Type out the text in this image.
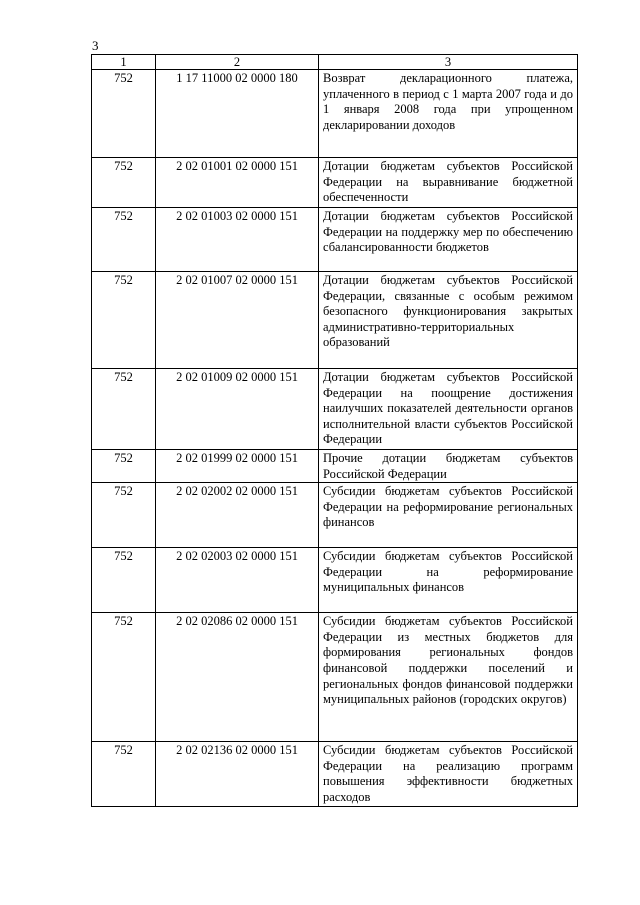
3
1	2	3
752	1 17 11000 02 0000 180	Возврат декларационного платежа, уплаченного в период с 1 марта 2007 года и до 1 января 2008 года при упрощенном декларировании доходов
752	2 02 01001 02 0000 151	Дотации бюджетам субъектов Российской Федерации на выравнивание бюджетной обеспеченности
752	2 02 01003 02 0000 151	Дотации бюджетам субъектов Российской Федерации на поддержку мер по обеспечению сбалансированности бюджетов
752	2 02 01007 02 0000 151	Дотации бюджетам субъектов Российской Федерации, связанные с особым режимом безопасного функционирования закрытых административно-территориальных образований
752	2 02 01009 02 0000 151	Дотации бюджетам субъектов Российской Федерации на поощрение достижения наилучших показателей деятельности органов исполнительной власти субъектов Российской Федерации
752	2 02 01999 02 0000 151	Прочие дотации бюджетам субъектов Российской Федерации
752	2 02 02002 02 0000 151	Субсидии бюджетам субъектов Российской Федерации на реформирование региональных финансов
752	2 02 02003 02 0000 151	Субсидии бюджетам субъектов Российской Федерации на реформирование муниципальных финансов
752	2 02 02086 02 0000 151	Субсидии бюджетам субъектов Российской Федерации из местных бюджетов для формирования региональных фондов финансовой поддержки поселений и региональных фондов финансовой поддержки муниципальных районов (городских округов)
752	2 02 02136 02 0000 151	Субсидии бюджетам субъектов Российской Федерации на реализацию программ повышения эффективности бюджетных расходов
